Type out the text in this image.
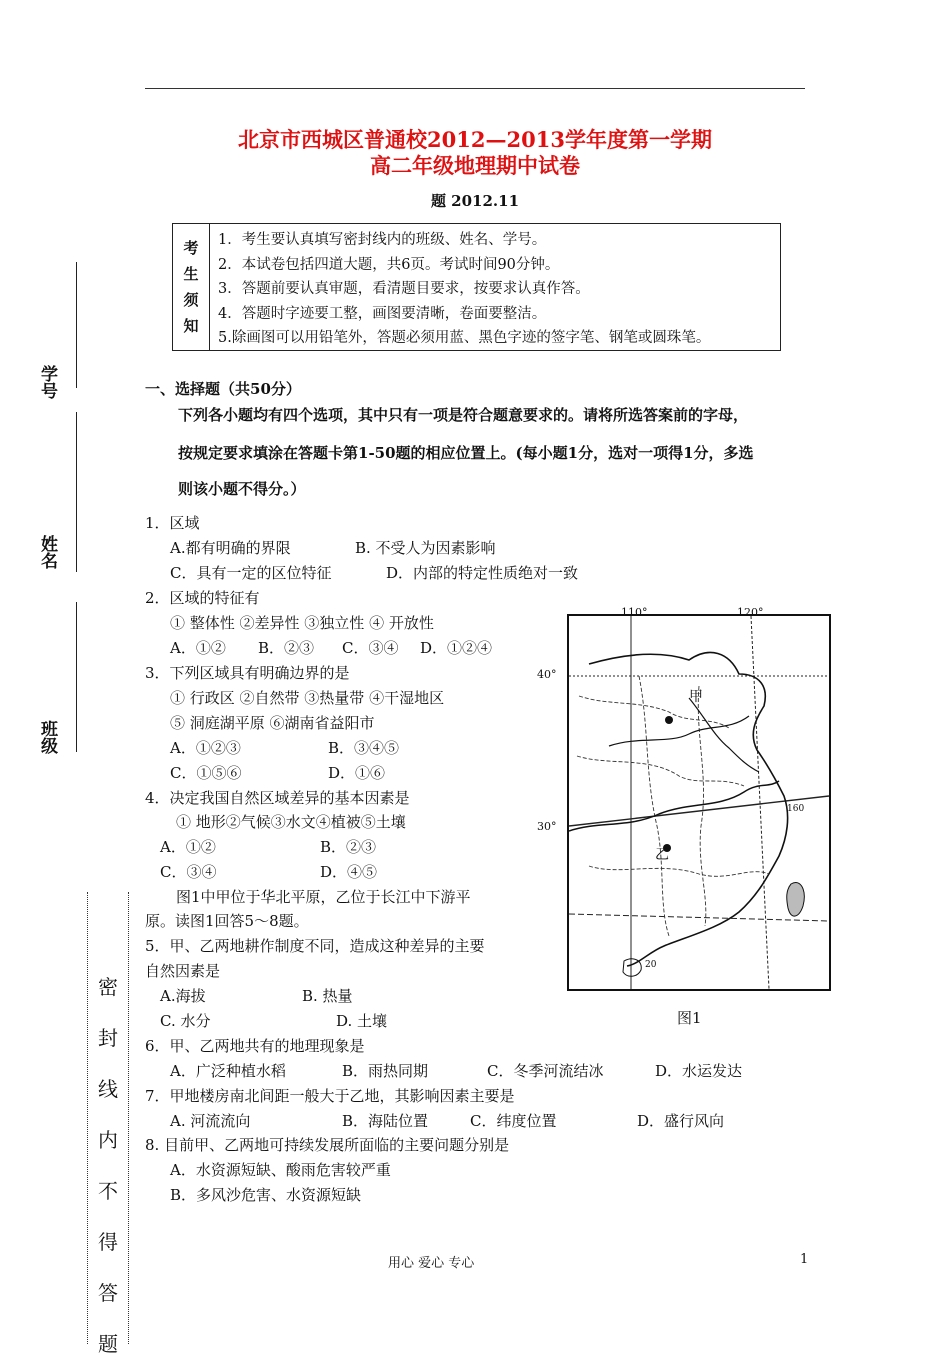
北京市西城区普通校2012—2013学年度第一学期
高二年级地理期中试卷
题 2012.11
考
生
须
知
1．考生要认真填写密封线内的班级、姓名、学号。
2．本试卷包括四道大题，共6页。考试时间90分钟。
3．答题前要认真审题，看清题目要求，按要求认真作答。
4．答题时字迹要工整，画图要清晰，卷面要整洁。
5.除画图可以用铅笔外，答题必须用蓝、黑色字迹的签字笔、钢笔或圆珠笔。
学号
姓名
班级
密
封
线
内
不
得
答
题
一、选择题（共50分）
下列各小题均有四个选项，其中只有一项是符合题意要求的。请将所选答案前的字母，
按规定要求填涂在答题卡第1-50题的相应位置上。(每小题1分，选对一项得1分，多选
则该小题不得分。）
1．区域
A.都有明确的界限	B. 不受人为因素影响
C．具有一定的区位特征	D．内部的特定性质绝对一致
2．区域的特征有
① 整体性 ②差异性 ③独立性 ④ 开放性
A．①② B．②③ C．③④ D．①②④
3．下列区域具有明确边界的是
① 行政区 ②自然带 ③热量带 ④干湿地区
⑤ 洞庭湖平原 ⑥湖南省益阳市
A．①②③	B．③④⑤
C．①⑤⑥	D．①⑥
4．决定我国自然区域差异的基本因素是
① 地形②气候③水文④植被⑤土壤
A．①②	B．②③
C．③④	D．④⑤
图1中甲位于华北平原，乙位于长江中下游平
原。读图1回答5～8题。
5．甲、乙两地耕作制度不同，造成这种差异的主要
自然因素是
A.海拔	B. 热量
C. 水分	D. 土壤
6．甲、乙两地共有的地理现象是
A．广泛种植水稻	B．雨热同期	C．冬季河流结冰	D．水运发达
7．甲地楼房南北间距一般大于乙地，其影响因素主要是
A. 河流流向	B．海陆位置	C．纬度位置	D．盛行风向
8. 目前甲、乙两地可持续发展所面临的主要问题分别是
A．水资源短缺、酸雨危害较严重
B．多风沙危害、水资源短缺
110°	120°
40°
30°
甲
乙
160
20
图1
用心 爱心 专心	1
